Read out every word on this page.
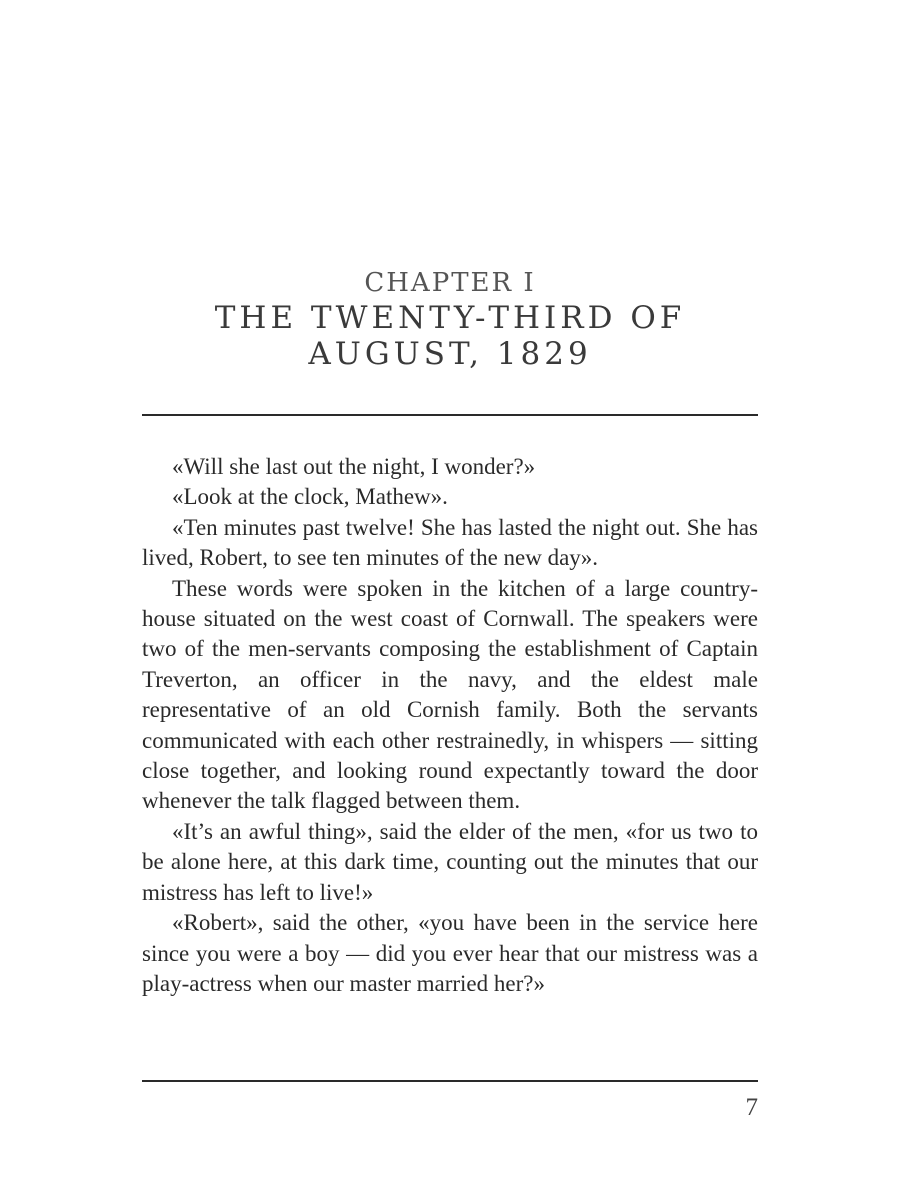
CHAPTER I
THE TWENTY-THIRD OF
AUGUST, 1829

«Will she last out the night, I wonder?»

«Look at the clock, Mathew».

«Ten minutes past twelve! She has lasted the night out. She has lived, Robert, to see ten minutes of the new day».

These words were spoken in the kitchen of a large country-house situated on the west coast of Cornwall. The speakers were two of the men-servants composing the establishment of Captain Treverton, an officer in the navy, and the eldest male representative of an old Cornish family. Both the servants communicated with each other restrainedly, in whispers — sitting close together, and looking round expectantly toward the door whenever the talk flagged between them.

«It’s an awful thing», said the elder of the men, «for us two to be alone here, at this dark time, counting out the minutes that our mistress has left to live!»

«Robert», said the other, «you have been in the service here since you were a boy — did you ever hear that our mistress was a play-actress when our master married her?»

7
